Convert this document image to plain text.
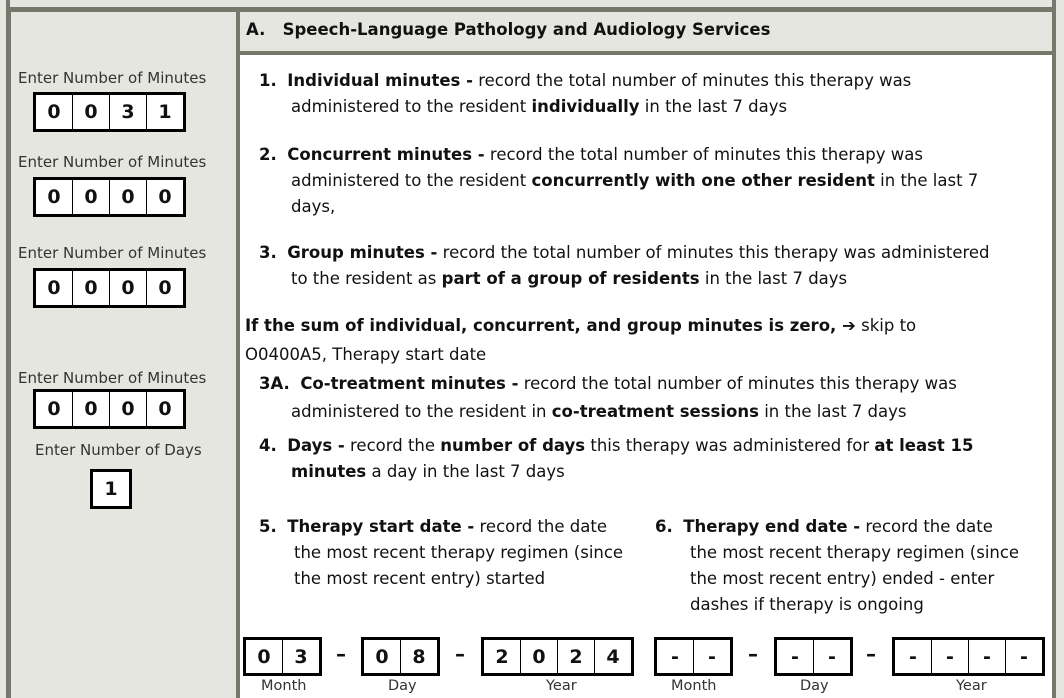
Enter Number of Minutes
0	0	3	1
Enter Number of Minutes
0	0	0	0
Enter Number of Minutes
0	0	0	0
Enter Number of Minutes
0	0	0	0
Enter Number of Days
1
A. Speech-Language Pathology and Audiology Services
1. Individual minutes - record the total number of minutes this therapy was
administered to the resident individually in the last 7 days
2. Concurrent minutes - record the total number of minutes this therapy was
administered to the resident concurrently with one other resident in the last 7
days,
3. Group minutes - record the total number of minutes this therapy was administered
to the resident as part of a group of residents in the last 7 days
If the sum of individual, concurrent, and group minutes is zero, ➔ skip to
O0400A5, Therapy start date
3A. Co-treatment minutes - record the total number of minutes this therapy was
administered to the resident in co-treatment sessions in the last 7 days
4. Days - record the number of days this therapy was administered for at least 15
minutes a day in the last 7 days
5. Therapy start date - record the date
the most recent therapy regimen (since
the most recent entry) started
6. Therapy end date - record the date
the most recent therapy regimen (since
the most recent entry) ended - enter
dashes if therapy is ongoing
0	3	–	0	8	–	2	0	2	4
Month	Day	Year
-	-	–	-	-	–	-	-	-	-
Month	Day	Year
